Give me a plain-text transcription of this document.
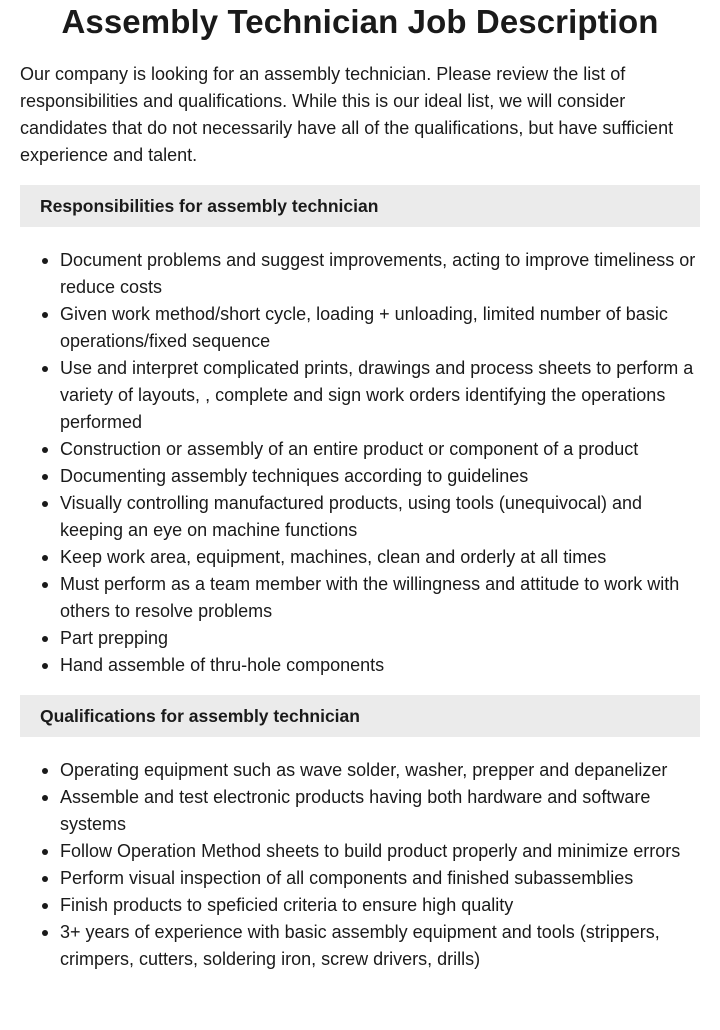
Assembly Technician Job Description

Our company is looking for an assembly technician. Please review the list of responsibilities and qualifications. While this is our ideal list, we will consider candidates that do not necessarily have all of the qualifications, but have sufficient experience and talent.

Responsibilities for assembly technician
Document problems and suggest improvements, acting to improve timeliness or reduce costs
Given work method/short cycle, loading + unloading, limited number of basic operations/fixed sequence
Use and interpret complicated prints, drawings and process sheets to perform a variety of layouts, , complete and sign work orders identifying the operations performed
Construction or assembly of an entire product or component of a product
Documenting assembly techniques according to guidelines
Visually controlling manufactured products, using tools (unequivocal) and keeping an eye on machine functions
Keep work area, equipment, machines, clean and orderly at all times
Must perform as a team member with the willingness and attitude to work with others to resolve problems
Part prepping
Hand assemble of thru-hole components
Qualifications for assembly technician
Operating equipment such as wave solder, washer, prepper and depanelizer
Assemble and test electronic products having both hardware and software systems
Follow Operation Method sheets to build product properly and minimize errors
Perform visual inspection of all components and finished subassemblies
Finish products to speficied criteria to ensure high quality
3+ years of experience with basic assembly equipment and tools (strippers, crimpers, cutters, soldering iron, screw drivers, drills)
